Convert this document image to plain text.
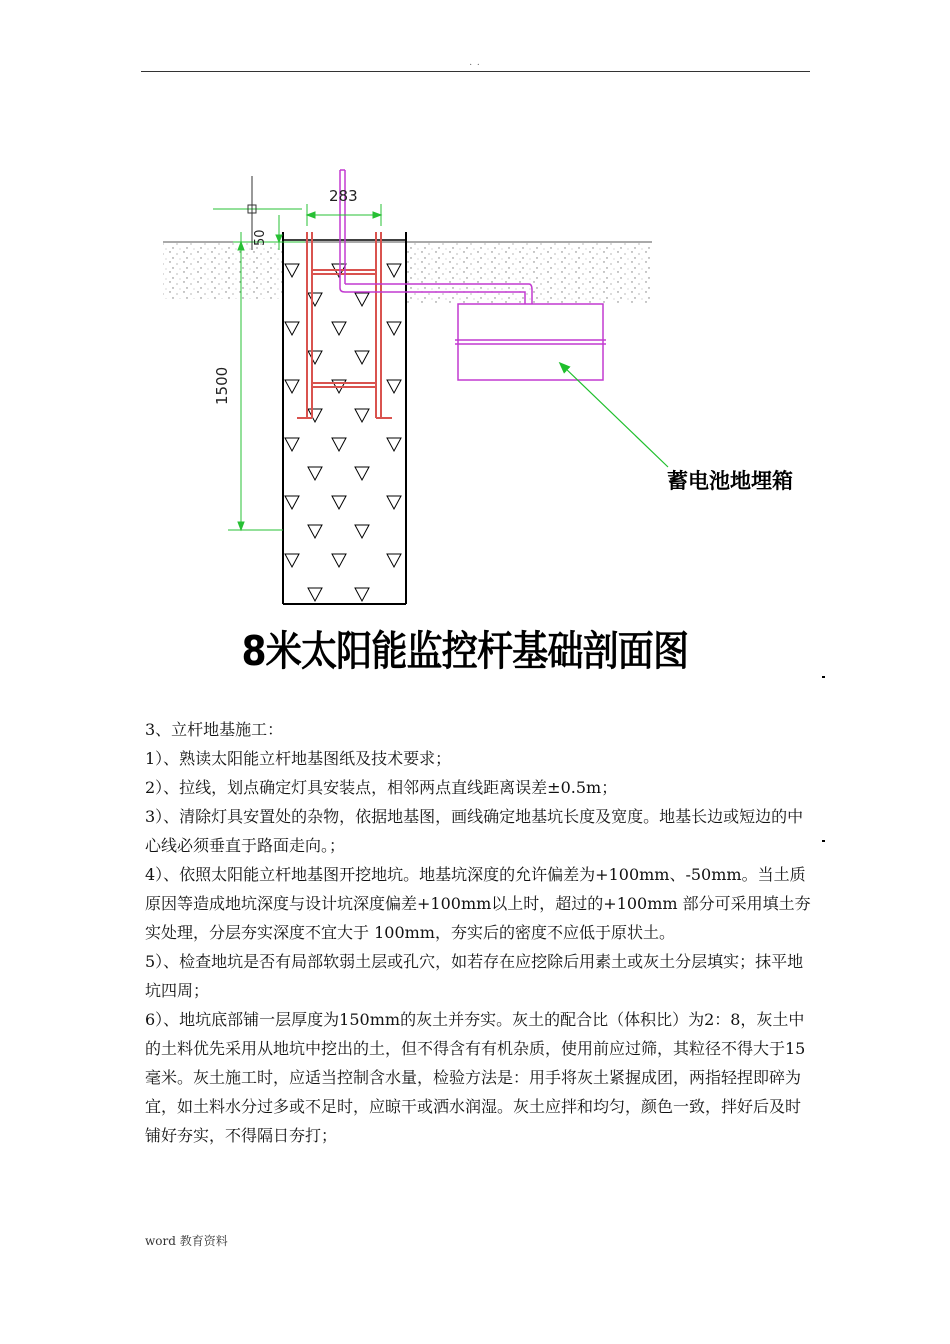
. .
蓄电池地埋箱
283
50
1500
8米太阳能监控杆基础剖面图

3、立杆地基施工：

1）、熟读太阳能立杆地基图纸及技术要求；

2）、拉线，划点确定灯具安装点，相邻两点直线距离误差±0.5m；

3）、清除灯具安置处的杂物，依据地基图，画线确定地基坑长度及宽度。地基长边或短边的中心线必须垂直于路面走向。；

4）、依照太阳能立杆地基图开挖地坑。地基坑深度的允许偏差为+100mm、-50mm。当土质原因等造成地坑深度与设计坑深度偏差+100mm以上时，超过的+100mm 部分可采用填土夯实处理，分层夯实深度不宜大于 100mm，夯实后的密度不应低于原状土。

5）、检查地坑是否有局部软弱土层或孔穴，如若存在应挖除后用素土或灰土分层填实；抹平地坑四周；

6）、地坑底部铺一层厚度为150mm的灰土并夯实。灰土的配合比（体积比）为2：8，灰土中的土料优先采用从地坑中挖出的土，但不得含有有机杂质，使用前应过筛，其粒径不得大于15毫米。灰土施工时，应适当控制含水量，检验方法是：用手将灰土紧握成团，两指轻捏即碎为宜，如土料水分过多或不足时，应晾干或洒水润湿。灰土应拌和均匀，颜色一致，拌好后及时铺好夯实，不得隔日夯打；

word 教育资料
